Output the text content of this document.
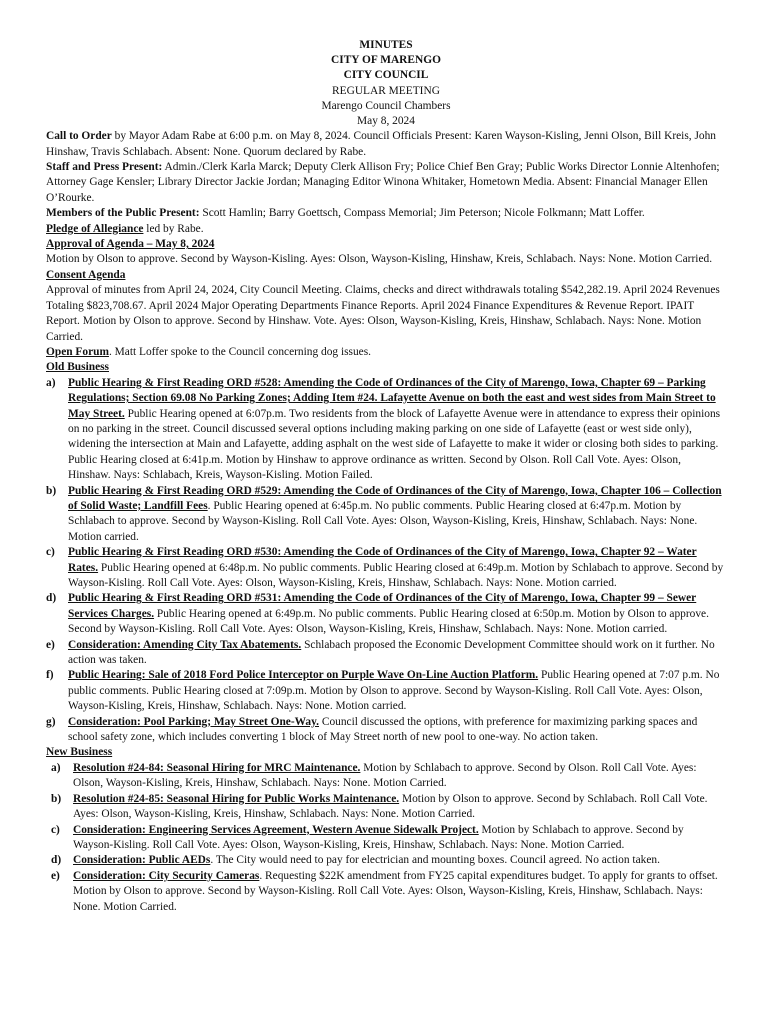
MINUTES
CITY OF MARENGO
CITY COUNCIL
REGULAR MEETING
Marengo Council Chambers
May 8, 2024

Call to Order by Mayor Adam Rabe at 6:00 p.m. on May 8, 2024. Council Officials Present: Karen Wayson-Kisling, Jenni Olson, Bill Kreis, John Hinshaw, Travis Schlabach. Absent: None. Quorum declared by Rabe.

Staff and Press Present: Admin./Clerk Karla Marck; Deputy Clerk Allison Fry; Police Chief Ben Gray; Public Works Director Lonnie Altenhofen; Attorney Gage Kensler; Library Director Jackie Jordan; Managing Editor Winona Whitaker, Hometown Media. Absent: Financial Manager Ellen O’Rourke.

Members of the Public Present: Scott Hamlin; Barry Goettsch, Compass Memorial; Jim Peterson; Nicole Folkmann; Matt Loffer.

Pledge of Allegiance led by Rabe.

Approval of Agenda – May 8, 2024

Motion by Olson to approve. Second by Wayson-Kisling. Ayes: Olson, Wayson-Kisling, Hinshaw, Kreis, Schlabach. Nays: None. Motion Carried.

Consent Agenda

Approval of minutes from April 24, 2024, City Council Meeting. Claims, checks and direct withdrawals totaling $542,282.19. April 2024 Revenues Totaling $823,708.67. April 2024 Major Operating Departments Finance Reports. April 2024 Finance Expenditures & Revenue Report. IPAIT Report. Motion by Olson to approve. Second by Hinshaw. Vote. Ayes: Olson, Wayson-Kisling, Kreis, Hinshaw, Schlabach. Nays: None. Motion Carried.

Open Forum. Matt Loffer spoke to the Council concerning dog issues.

Old Business

a)	Public Hearing & First Reading ORD #528: Amending the Code of Ordinances of the City of Marengo, Iowa, Chapter 69 – Parking Regulations; Section 69.08 No Parking Zones; Adding Item #24. Lafayette Avenue on both the east and west sides from Main Street to May Street. Public Hearing opened at 6:07p.m. Two residents from the block of Lafayette Avenue were in attendance to express their opinions on no parking in the street. Council discussed several options including making parking on one side of Lafayette (east or west side only), widening the intersection at Main and Lafayette, adding asphalt on the west side of Lafayette to make it wider or closing both sides to parking. Public Hearing closed at 6:41p.m. Motion by Hinshaw to approve ordinance as written. Second by Olson. Roll Call Vote. Ayes: Olson, Hinshaw. Nays: Schlabach, Kreis, Wayson-Kisling. Motion Failed.
b)	Public Hearing & First Reading ORD #529: Amending the Code of Ordinances of the City of Marengo, Iowa, Chapter 106 – Collection of Solid Waste; Landfill Fees. Public Hearing opened at 6:45p.m. No public comments. Public Hearing closed at 6:47p.m. Motion by Schlabach to approve. Second by Wayson-Kisling. Roll Call Vote. Ayes: Olson, Wayson-Kisling, Kreis, Hinshaw, Schlabach. Nays: None. Motion carried.
c)	Public Hearing & First Reading ORD #530: Amending the Code of Ordinances of the City of Marengo, Iowa, Chapter 92 – Water Rates. Public Hearing opened at 6:48p.m. No public comments. Public Hearing closed at 6:49p.m. Motion by Schlabach to approve. Second by Wayson-Kisling. Roll Call Vote. Ayes: Olson, Wayson-Kisling, Kreis, Hinshaw, Schlabach. Nays: None. Motion carried.
d)	Public Hearing & First Reading ORD #531: Amending the Code of Ordinances of the City of Marengo, Iowa, Chapter 99 – Sewer Services Charges. Public Hearing opened at 6:49p.m. No public comments. Public Hearing closed at 6:50p.m. Motion by Olson to approve. Second by Wayson-Kisling. Roll Call Vote. Ayes: Olson, Wayson-Kisling, Kreis, Hinshaw, Schlabach. Nays: None. Motion carried.
e)	Consideration: Amending City Tax Abatements. Schlabach proposed the Economic Development Committee should work on it further. No action was taken.
f)	Public Hearing: Sale of 2018 Ford Police Interceptor on Purple Wave On-Line Auction Platform. Public Hearing opened at 7:07 p.m. No public comments. Public Hearing closed at 7:09p.m. Motion by Olson to approve. Second by Wayson-Kisling. Roll Call Vote. Ayes: Olson, Wayson-Kisling, Kreis, Hinshaw, Schlabach. Nays: None. Motion carried.
g)	Consideration: Pool Parking; May Street One-Way. Council discussed the options, with preference for maximizing parking spaces and school safety zone, which includes converting 1 block of May Street north of new pool to one-way. No action taken.

New Business

a)	Resolution #24-84: Seasonal Hiring for MRC Maintenance. Motion by Schlabach to approve. Second by Olson. Roll Call Vote. Ayes: Olson, Wayson-Kisling, Kreis, Hinshaw, Schlabach. Nays: None. Motion Carried.
b)	Resolution #24-85: Seasonal Hiring for Public Works Maintenance. Motion by Olson to approve. Second by Schlabach. Roll Call Vote. Ayes: Olson, Wayson-Kisling, Kreis, Hinshaw, Schlabach. Nays: None. Motion Carried.
c)	Consideration: Engineering Services Agreement, Western Avenue Sidewalk Project. Motion by Schlabach to approve. Second by Wayson-Kisling. Roll Call Vote. Ayes: Olson, Wayson-Kisling, Kreis, Hinshaw, Schlabach. Nays: None. Motion Carried.
d)	Consideration: Public AEDs. The City would need to pay for electrician and mounting boxes. Council agreed. No action taken.
e)	Consideration: City Security Cameras. Requesting $22K amendment from FY25 capital expenditures budget. To apply for grants to offset. Motion by Olson to approve. Second by Wayson-Kisling. Roll Call Vote. Ayes: Olson, Wayson-Kisling, Kreis, Hinshaw, Schlabach. Nays: None. Motion Carried.
